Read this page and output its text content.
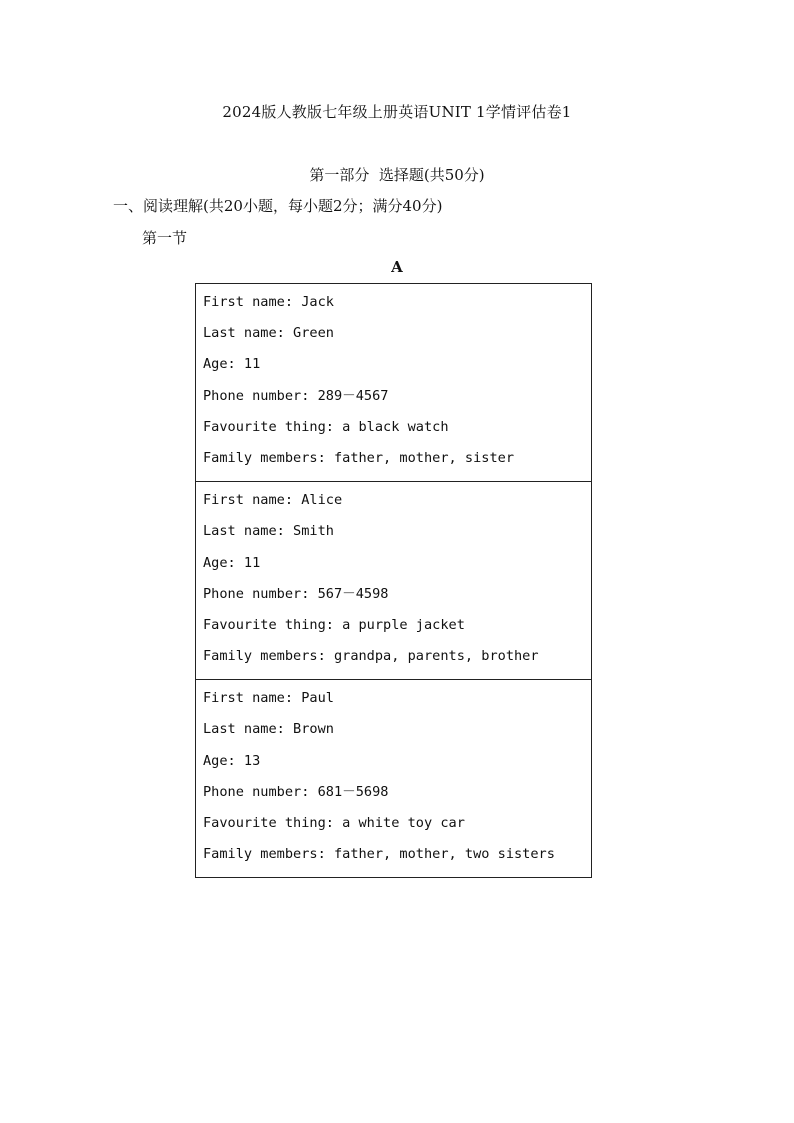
2024版人教版七年级上册英语UNIT 1学情评估卷1
第一部分  选择题(共50分)
一、阅读理解(共20小题，每小题2分；满分40分)
第一节
A
First name: Jack
Last name: Green
Age: 11
Phone number: 289－4567
Favourite thing: a black watch
Family members: father, mother, sister
First name: Alice
Last name: Smith
Age: 11
Phone number: 567－4598
Favourite thing: a purple jacket
Family members: grandpa, parents, brother
First name: Paul
Last name: Brown
Age: 13
Phone number: 681－5698
Favourite thing: a white toy car
Family members: father, mother, two sisters
